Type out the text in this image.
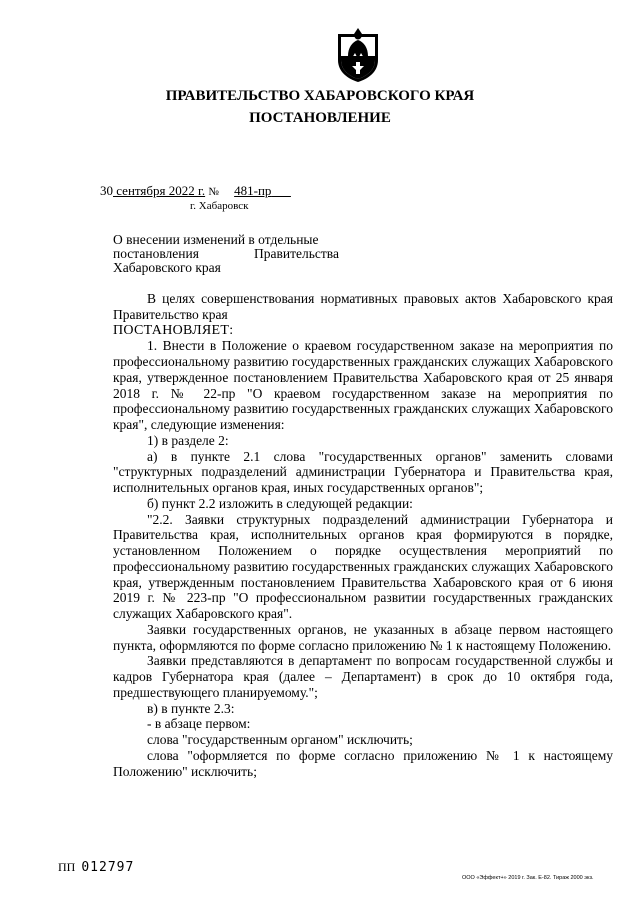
ПРАВИТЕЛЬСТВО ХАБАРОВСКОГО КРАЯ
ПОСТАНОВЛЕНИЕ
30 сентября 2022 г. № 481-пр
г. Хабаровск
О внесении изменений в отдельные
постановления	Правительства
Хабаровского края

В целях совершенствования нормативных правовых актов Хабаровского края Правительство края

ПОСТАНОВЛЯЕТ:

1. Внести в Положение о краевом государственном заказе на мероприятия по профессиональному развитию государственных гражданских служащих Хабаровского края, утвержденное постановлением Правительства Хабаровского края от 25 января 2018 г. № 22-пр "О краевом государственном заказе на мероприятия по профессиональному развитию государственных гражданских служащих Хабаровского края", следующие изменения:

1) в разделе 2:

а) в пункте 2.1 слова "государственных органов" заменить словами "структурных подразделений администрации Губернатора и Правительства края, исполнительных органов края, иных государственных органов";

б) пункт 2.2 изложить в следующей редакции:

"2.2. Заявки структурных подразделений администрации Губернатора и Правительства края, исполнительных органов края формируются в порядке, установленном Положением о порядке осуществления мероприятий по профессиональному развитию государственных гражданских служащих Хабаровского края, утвержденным постановлением Правительства Хабаровского края от 6 июня 2019 г. № 223-пр "О профессиональном развитии государственных гражданских служащих Хабаровского края".

Заявки государственных органов, не указанных в абзаце первом настоящего пункта, оформляются по форме согласно приложению № 1 к настоящему Положению.

Заявки представляются в департамент по вопросам государственной службы и кадров Губернатора края (далее – Департамент) в срок до 10 октября года, предшествующего планируемому.";

в) в пункте 2.3:

- в абзаце первом:

слова "государственным органом" исключить;

слова "оформляется по форме согласно приложению № 1 к настоящему Положению" исключить;

ПП 012797
ООО «Эффект+» 2019 г. Зак. Е-82. Тираж 2000 экз.
